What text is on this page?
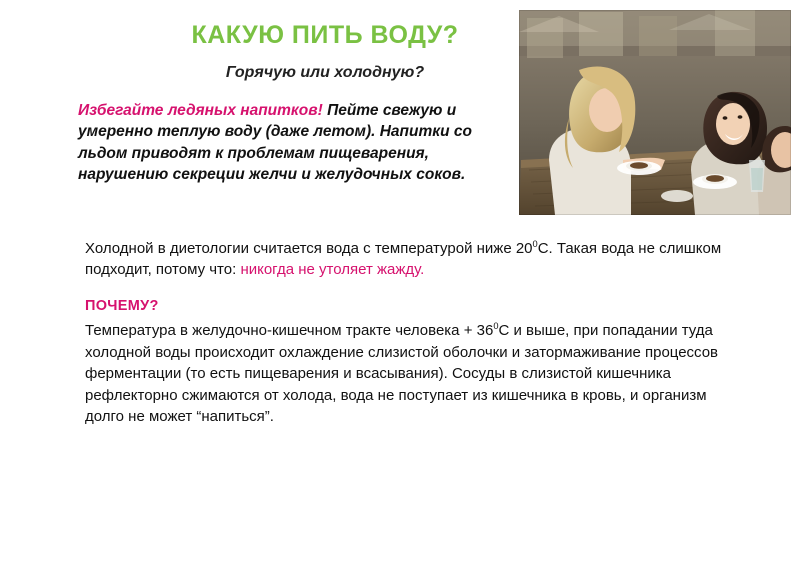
КАКУЮ ПИТЬ ВОДУ?
Горячую или холодную?
Избегайте ледяных напитков! Пейте свежую и умеренно теплую воду (даже летом). Напитки со льдом приводят к проблемам пищеварения, нарушению секреции желчи и желудочных соков.
Холодной в диетологии считается вода с температурой ниже $20^0С$. Такая вода не слишком подходит, потому что: никогда не утоляет жажду.
ПОЧЕМУ?
Температура в желудочно-кишечном тракте человека + $36^0С$ и выше, при попадании туда холодной воды происходит охлаждение слизистой оболочки и затормаживание процессов ферментации (то есть пищеварения и всасывания). Сосуды в слизистой кишечника рефлекторно сжимаются от холода, вода не поступает из кишечника в кровь, и организм долго не может “напиться”.
